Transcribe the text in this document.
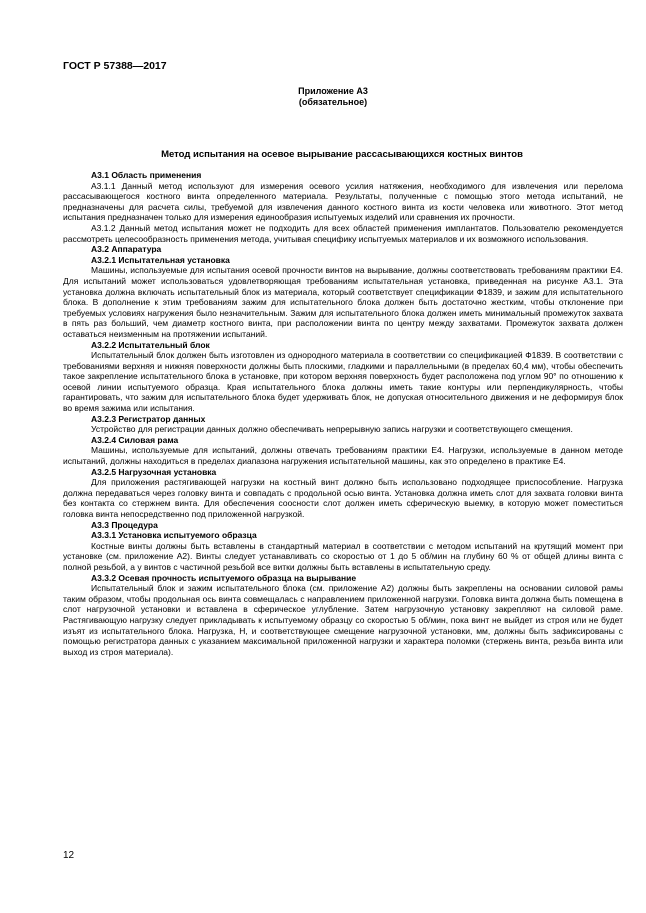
ГОСТ Р 57388—2017
Приложение А3
(обязательное)
Метод испытания на осевое вырывание рассасывающихся костных винтов
А3.1 Область применения

А3.1.1 Данный метод используют для измерения осевого усилия натяжения, необходимого для извлечения или перелома рассасывающегося костного винта определенного материала. Результаты, полученные с помощью этого метода испытаний, не предназначены для расчета силы, требуемой для извлечения данного костного винта из кости человека или животного. Этот метод испытания предназначен только для измерения единообразия испытуемых изделий или сравнения их прочности.

А3.1.2 Данный метод испытания может не подходить для всех областей применения имплантатов. Пользователю рекомендуется рассмотреть целесообразность применения метода, учитывая специфику испытуемых материалов и их возможного использования.

А3.2 Аппаратура
А3.2.1 Испытательная установка

Машины, используемые для испытания осевой прочности винтов на вырывание, должны соответствовать требованиям практики Е4. Для испытаний может использоваться удовлетворяющая требованиям испытательная установка, приведенная на рисунке А3.1. Эта установка должна включать испытательный блок из материала, который соответствует спецификации Ф1839, и зажим для испытательного блока. В дополнение к этим требованиям зажим для испытательного блока должен быть достаточно жестким, чтобы отклонение при требуемых условиях нагружения было незначительным. Зажим для испытательного блока должен иметь минимальный промежуток захвата в пять раз больший, чем диаметр костного винта, при расположении винта по центру между захватами. Промежуток захвата должен оставаться неизменным на протяжении испытаний.

А3.2.2 Испытательный блок

Испытательный блок должен быть изготовлен из однородного материала в соответствии со спецификацией Ф1839. В соответствии с требованиями верхняя и нижняя поверхности должны быть плоскими, гладкими и параллельными (в пределах 60,4 мм), чтобы обеспечить такое закрепление испытательного блока в установке, при котором верхняя поверхность будет расположена под углом 90° по отношению к осевой линии испытуемого образца. Края испытательного блока должны иметь такие контуры или перпендикулярность, чтобы гарантировать, что зажим для испытательного блока будет удерживать блок, не допуская относительного движения и не деформируя блок во время зажима или испытания.

А3.2.3 Регистратор данных

Устройство для регистрации данных должно обеспечивать непрерывную запись нагрузки и соответствующего смещения.

А3.2.4 Силовая рама

Машины, используемые для испытаний, должны отвечать требованиям практики Е4. Нагрузки, используемые в данном методе испытаний, должны находиться в пределах диапазона нагружения испытательной машины, как это определено в практике Е4.

А3.2.5 Нагрузочная установка

Для приложения растягивающей нагрузки на костный винт должно быть использовано подходящее приспособление. Нагрузка должна передаваться через головку винта и совпадать с продольной осью винта. Установка должна иметь слот для захвата головки винта без контакта со стержнем винта. Для обеспечения соосности слот должен иметь сферическую выемку, в которую может поместиться головка винта непосредственно под приложенной нагрузкой.

А3.3 Процедура
А3.3.1 Установка испытуемого образца

Костные винты должны быть вставлены в стандартный материал в соответствии с методом испытаний на крутящий момент при установке (см. приложение А2). Винты следует устанавливать со скоростью от 1 до 5 об/мин на глубину 60 % от общей длины винта с полной резьбой, а у винтов с частичной резьбой все витки должны быть вставлены в испытательную среду.

А3.3.2 Осевая прочность испытуемого образца на вырывание

Испытательный блок и зажим испытательного блока (см. приложение А2) должны быть закреплены на основании силовой рамы таким образом, чтобы продольная ось винта совмещалась с направлением приложенной нагрузки. Головка винта должна быть помещена в слот нагрузочной установки и вставлена в сферическое углубление. Затем нагрузочную установку закрепляют на силовой раме. Растягивающую нагрузку следует прикладывать к испытуемому образцу со скоростью 5 об/мин, пока винт не выйдет из строя или не будет изъят из испытательного блока. Нагрузка, Н, и соответствующее смещение нагрузочной установки, мм, должны быть зафиксированы с помощью регистратора данных с указанием максимальной приложенной нагрузки и характера поломки (стержень винта, резьба винта или выход из строя материала).

12
